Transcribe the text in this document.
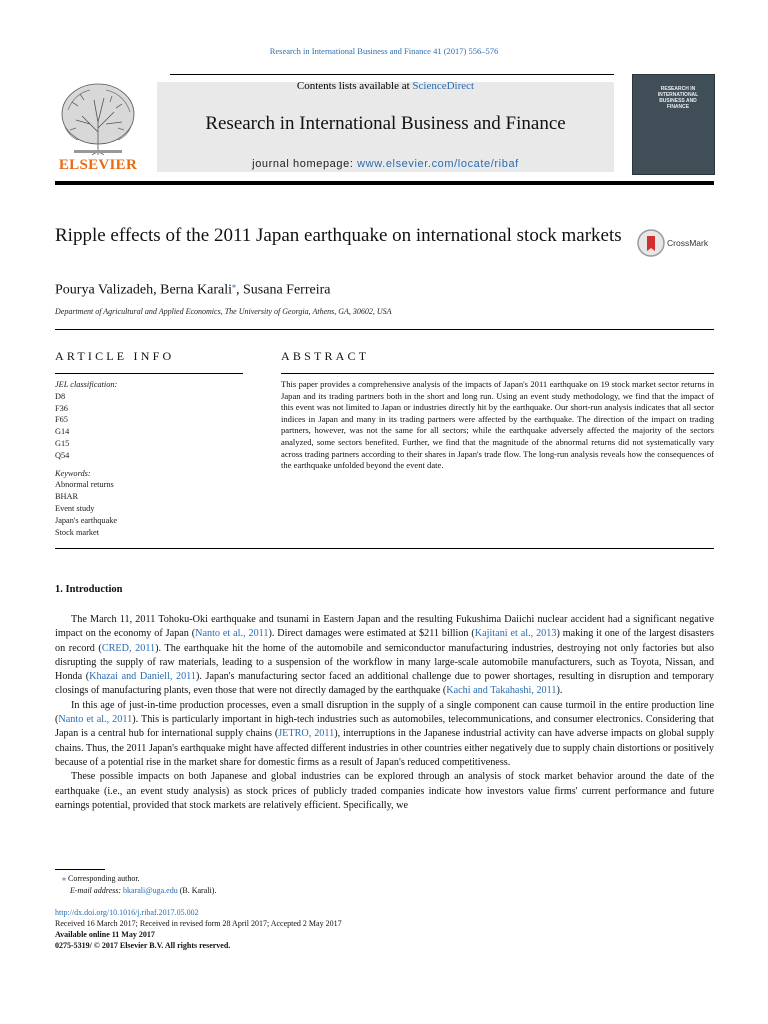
Research in International Business and Finance 41 (2017) 556–576
Contents lists available at ScienceDirect
Research in International Business and Finance
journal homepage: www.elsevier.com/locate/ribaf
ELSEVIER
RESEARCH IN INTERNATIONAL BUSINESS AND FINANCE
Ripple effects of the 2011 Japan earthquake on international stock markets	CrossMark
Pourya Valizadeh, Berna Karali⁎, Susana Ferreira
Department of Agricultural and Applied Economics, The University of Georgia, Athens, GA, 30602, USA
ARTICLE INFO	ABSTRACT
JEL classification:
D8
F36
F65
G14
G15
Q54
Keywords:
Abnormal returns
BHAR
Event study
Japan's earthquake
Stock market
This paper provides a comprehensive analysis of the impacts of Japan's 2011 earthquake on 19 stock market sector returns in Japan and its trading partners both in the short and long run. Using an event study methodology, we find that the impact of this event was not limited to Japan or industries directly hit by the earthquake. Our short-run analysis indicates that all sector indices in Japan and many in its trading partners were affected by the earthquake. The direction of the impact on trading partners, however, was not the same for all sectors; while the earthquake adversely affected the majority of the sectors analyzed, some sectors benefited. Further, we find that the magnitude of the abnormal returns did not systematically vary across trading partners according to their shares in Japan's trade flow. The long-run analysis reveals how the consequences of the earthquake unfolded beyond the event date.
1. Introduction

The March 11, 2011 Tohoku-Oki earthquake and tsunami in Eastern Japan and the resulting Fukushima Daiichi nuclear accident had a significant negative impact on the economy of Japan (Nanto et al., 2011). Direct damages were estimated at $211 billion (Kajitani et al., 2013) making it one of the largest disasters on record (CRED, 2011). The earthquake hit the home of the automobile and semiconductor manufacturing industries, destroying not only factories but also disrupting the supply of raw materials, leading to a suspension of the workflow in many large-scale automobile manufacturers, such as Toyota, Nissan, and Honda (Khazai and Daniell, 2011). Japan's manufacturing sector faced an additional challenge due to power shortages, resulting in disruption and temporary closings of manufacturing plants, even those that were not directly damaged by the earthquake (Kachi and Takahashi, 2011).

In this age of just-in-time production processes, even a small disruption in the supply of a single component can cause turmoil in the entire production line (Nanto et al., 2011). This is particularly important in high-tech industries such as automobiles, telecommunications, and consumer electronics. Considering that Japan is a central hub for international supply chains (JETRO, 2011), interruptions in the Japanese industrial activity can have adverse impacts on global supply chains. Thus, the 2011 Japan's earthquake might have affected different industries in other countries either negatively due to supply chain distortions or positively because of a potential rise in the market share for domestic firms as a result of Japan's reduced competitiveness.

These possible impacts on both Japanese and global industries can be explored through an analysis of stock market behavior around the date of the earthquake (i.e., an event study analysis) as stock prices of publicly traded companies indicate how investors value firms' current performance and future earnings potential, provided that stock markets are relatively efficient. Specifically, we

⁎ Corresponding author.
E-mail address: bkarali@uga.edu (B. Karali).
http://dx.doi.org/10.1016/j.ribaf.2017.05.002
Received 16 March 2017; Received in revised form 28 April 2017; Accepted 2 May 2017
Available online 11 May 2017
0275-5319/ © 2017 Elsevier B.V. All rights reserved.
